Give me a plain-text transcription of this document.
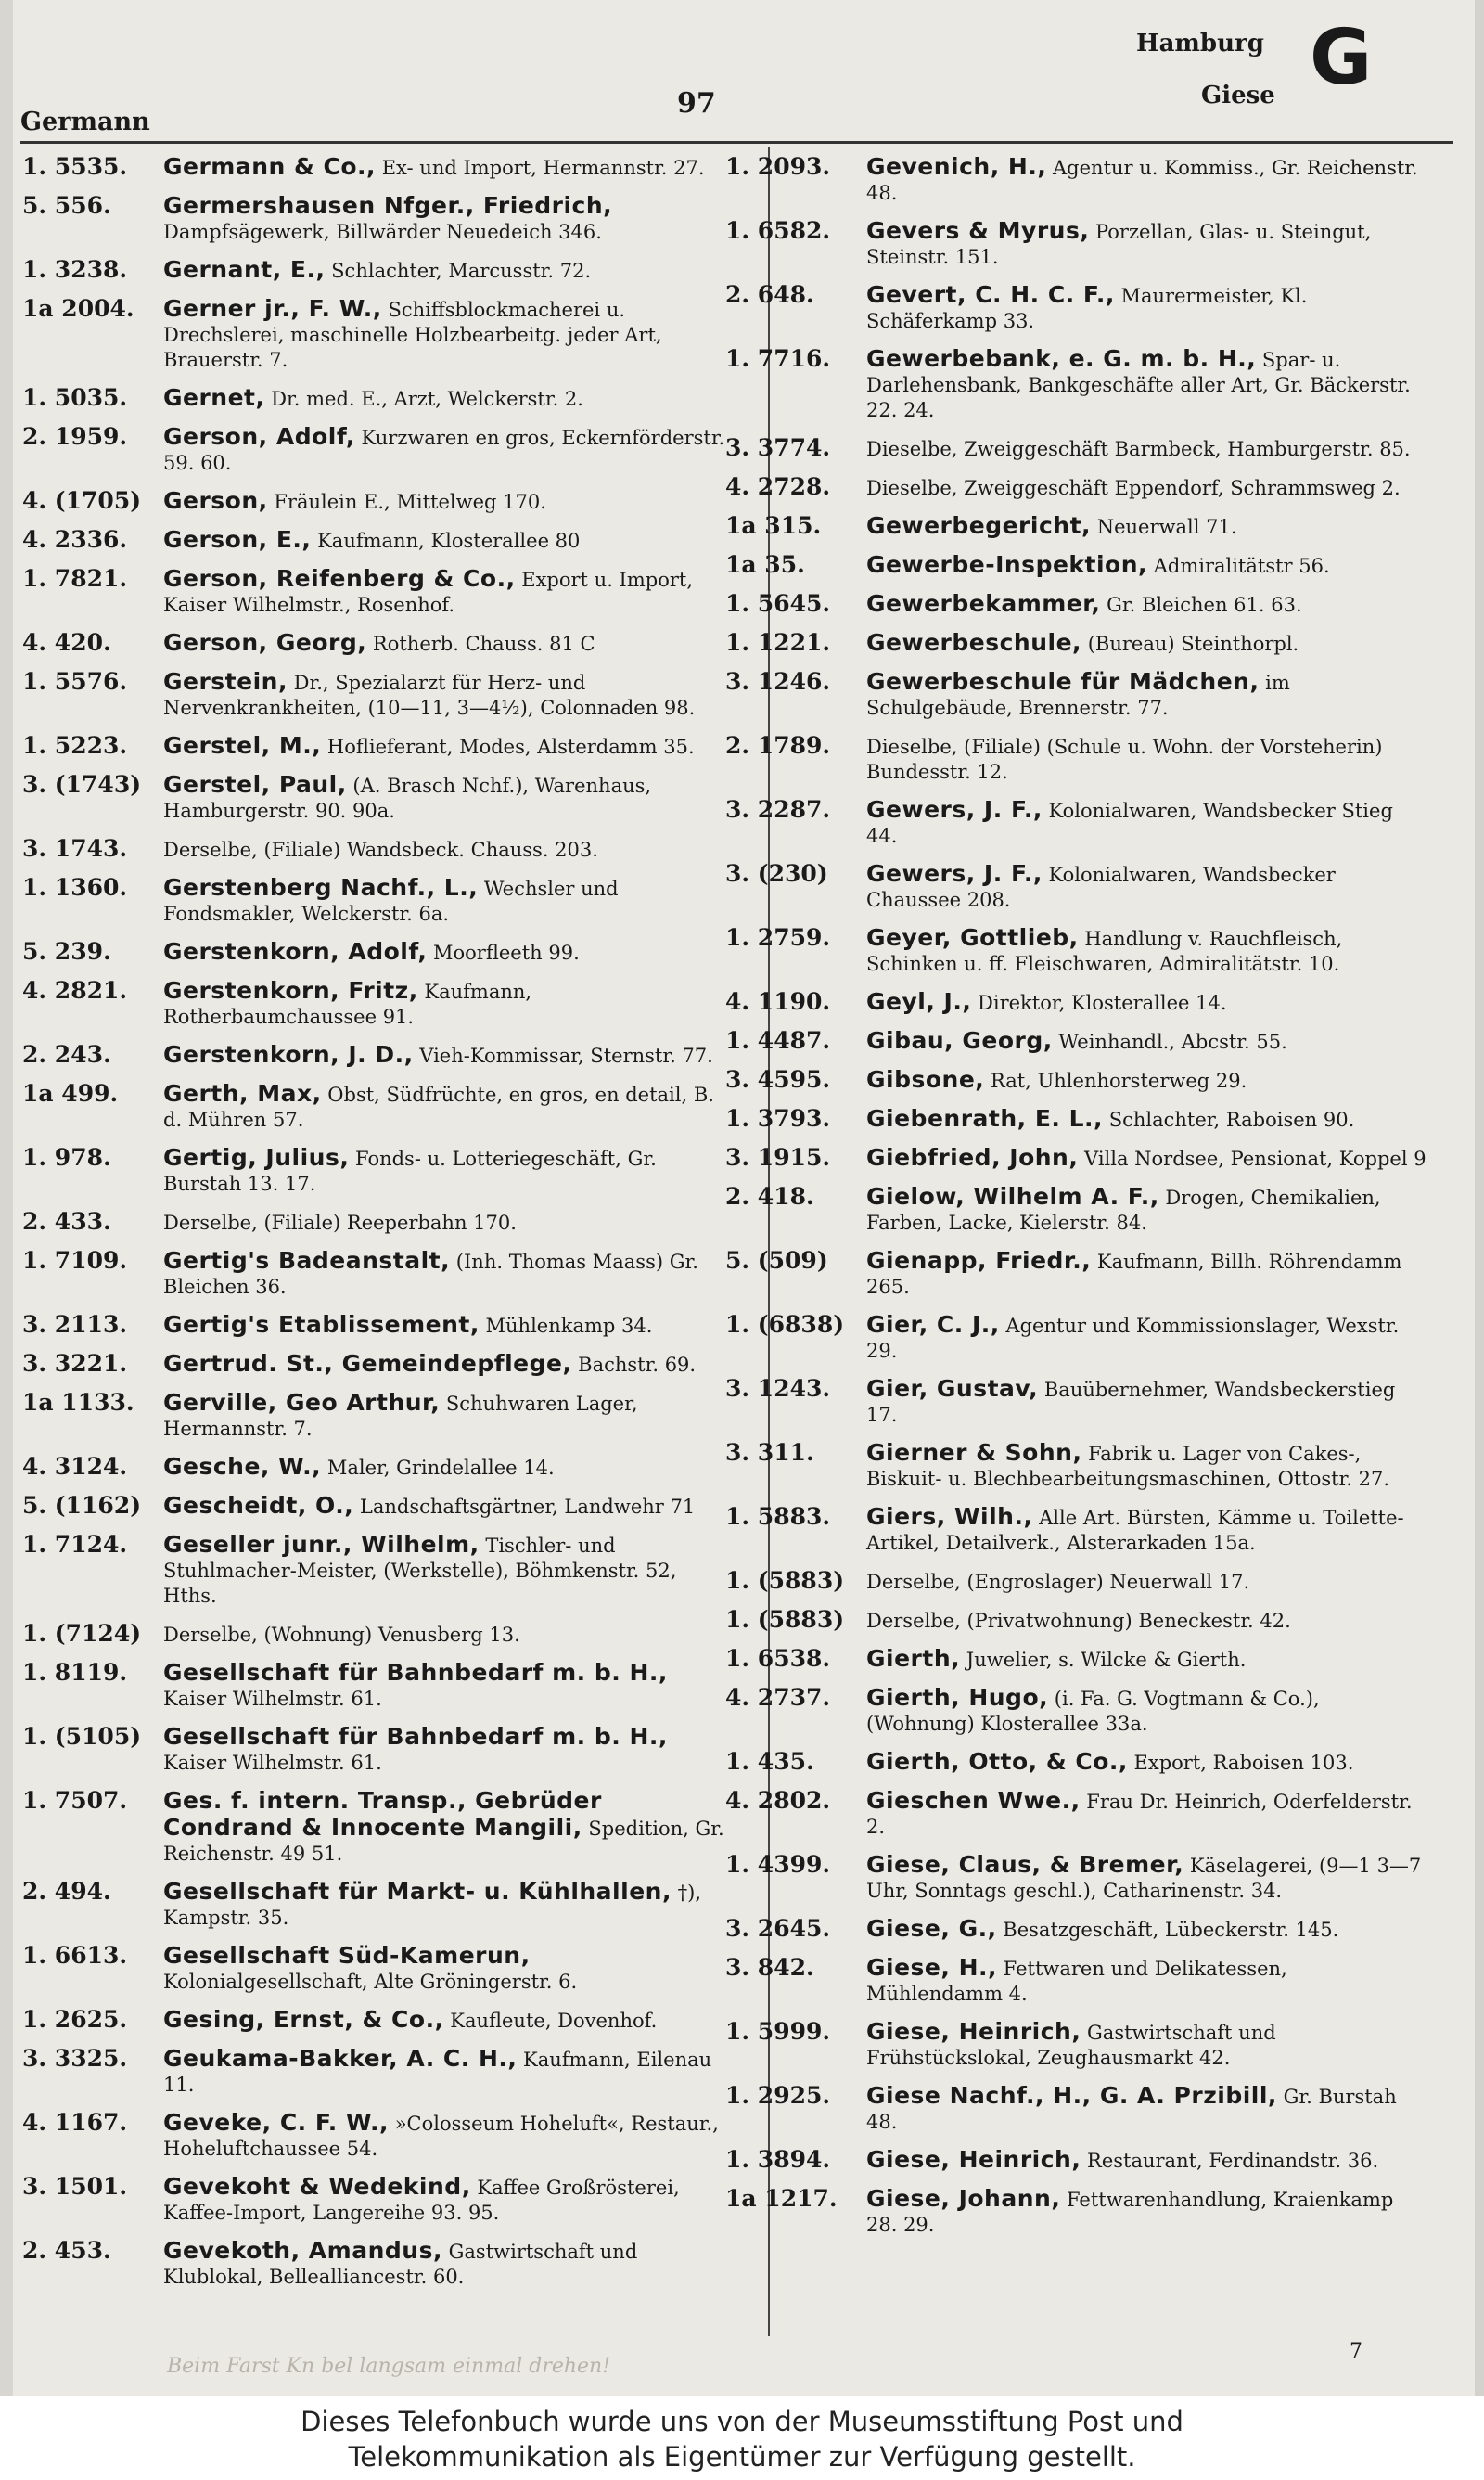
Germann
97
Hamburg
Giese G
1. 5535. Germann & Co., Ex- und Import, Hermannstr. 27.
5. 556. Germershausen Nfger., Friedrich, Dampfsägewerk, Billwärder Neuedeich 346.
1. 3238. Gernant, E., Schlachter, Marcusstr. 72.
1a 2004. Gerner jr., F. W., Schiffsblockmacherei u. Drechslerei, maschinelle Holzbearbeitg. jeder Art, Brauerstr. 7.
1. 5035. Gernet, Dr. med. E., Arzt, Welckerstr. 2.
2. 1959. Gerson, Adolf, Kurzwaren en gros, Eckernförderstr. 59. 60.
4. (1705) Gerson, Fräulein E., Mittelweg 170.
4. 2336. Gerson, E., Kaufmann, Klosterallee 80
1. 7821. Gerson, Reifenberg & Co., Export u. Import, Kaiser Wilhelmstr., Rosenhof.
4. 420. Gerson, Georg, Rotherb. Chauss. 81 C
1. 5576. Gerstein, Dr., Spezialarzt für Herz- und Nervenkrankheiten, (10—11, 3—4½), Colonnaden 98.
1. 5223. Gerstel, M., Hoflieferant, Modes, Alsterdamm 35.
3. (1743) Gerstel, Paul, (A. Brasch Nchf.), Warenhaus, Hamburgerstr. 90. 90a.
3. 1743. Derselbe, (Filiale) Wandsbeck. Chauss. 203.
1. 1360. Gerstenberg Nachf., L., Wechsler und Fondsmakler, Welckerstr. 6a.
5. 239. Gerstenkorn, Adolf, Moorfleeth 99.
4. 2821. Gerstenkorn, Fritz, Kaufmann, Rotherbaumchaussee 91.
2. 243. Gerstenkorn, J. D., Vieh-Kommissar, Sternstr. 77.
1a 499. Gerth, Max, Obst, Südfrüchte, en gros, en detail, B. d. Mühren 57.
1. 978. Gertig, Julius, Fonds- u. Lotteriegeschäft, Gr. Burstah 13. 17.
2. 433.	Derselbe, (Filiale) Reeperbahn 170.
1. 7109. Gertig's Badeanstalt, (Inh. Thomas Maass) Gr. Bleichen 36.
3. 2113. Gertig's Etablissement, Mühlenkamp 34.
3. 3221. Gertrud. St., Gemeindepflege, Bachstr. 69.
1a 1133. Gerville, Geo Arthur, Schuhwaren Lager, Hermannstr. 7.
4. 3124. Gesche, W., Maler, Grindelallee 14.
5. (1162) Gescheidt, O., Landschaftsgärtner, Landwehr 71
1. 7124. Geseller junr., Wilhelm, Tischler- und Stuhlmacher-Meister, (Werkstelle), Böhmkenstr. 52, Hths.
1. (7124) Derselbe, (Wohnung) Venusberg 13.
1. 8119. Gesellschaft für Bahnbedarf m. b. H., Kaiser Wilhelmstr. 61.
1. (5105) Gesellschaft für Bahnbedarf m. b. H., Kaiser Wilhelmstr. 61.
1. 7507. Ges. f. intern. Transp., Gebrüder Condrand & Innocente Mangili, Spedition, Gr. Reichenstr. 49 51.
2. 494. Gesellschaft für Markt- u. Kühlhallen, †), Kampstr. 35.
1. 6613. Gesellschaft Süd-Kamerun, Kolonialgesellschaft, Alte Gröningerstr. 6.
1. 2625. Gesing, Ernst, & Co., Kaufleute, Dovenhof.
3. 3325. Geukama-Bakker, A. C. H., Kaufmann, Eilenau 11.
4. 1167. Geveke, C. F. W., »Colosseum Hoheluft«, Restaur., Hoheluftchaussee 54.
3. 1501. Gevekoht & Wedekind, Kaffee Großrösterei, Kaffee-Import, Langereihe 93. 95.
2. 453. Gevekoth, Amandus, Gastwirtschaft und Klublokal, Bellealliancestr. 60.
1. 2093. Gevenich, H., Agentur u. Kommiss., Gr. Reichenstr. 48.
1. 6582. Gevers & Myrus, Porzellan, Glas- u. Steingut, Steinstr. 151.
2. 648. Gevert, C. H. C. F., Maurermeister, Kl. Schäferkamp 33.
1. 7716. Gewerbebank, e. G. m. b. H., Spar- u. Darlehensbank, Bankgeschäfte aller Art, Gr. Bäckerstr. 22. 24.
3. 3774. Dieselbe, Zweiggeschäft Barmbeck, Hamburgerstr. 85.
4. 2728. Dieselbe, Zweiggeschäft Eppendorf, Schrammsweg 2.
1a 315. Gewerbegericht, Neuerwall 71.
1a 35.	Gewerbe-Inspektion, Admiralitätstr 56.
1. 5645. Gewerbekammer, Gr. Bleichen 61. 63.
1. 1221. Gewerbeschule, (Bureau) Steinthorpl.
3. 1246. Gewerbeschule für Mädchen, im Schulgebäude, Brennerstr. 77.
2. 1789. Dieselbe, (Filiale) (Schule u. Wohn. der Vorsteherin) Bundesstr. 12.
3. 2287. Gewers, J. F., Kolonialwaren, Wandsbecker Stieg 44.
3. (230) Gewers, J. F., Kolonialwaren, Wandsbecker Chaussee 208.
1. 2759. Geyer, Gottlieb, Handlung v. Rauchfleisch, Schinken u. ff. Fleischwaren, Admiralitätstr. 10.
4. 1190. Geyl, J., Direktor, Klosterallee 14.
1. 4487. Gibau, Georg, Weinhandl., Abcstr. 55.
3. 4595. Gibsone, Rat, Uhlenhorsterweg 29.
1. 3793. Giebenrath, E. L., Schlachter, Raboisen 90.
3. 1915. Giebfried, John, Villa Nordsee, Pensionat, Koppel 9
2. 418. Gielow, Wilhelm A. F., Drogen, Chemikalien, Farben, Lacke, Kielerstr. 84.
5. (509) Gienapp, Friedr., Kaufmann, Billh. Röhrendamm 265.
1. (6838) Gier, C. J., Agentur und Kommissionslager, Wexstr. 29.
3. 1243. Gier, Gustav, Bauübernehmer, Wandsbeckerstieg 17.
3. 311. Gierner & Sohn, Fabrik u. Lager von Cakes-, Biskuit- u. Blechbearbeitungsmaschinen, Ottostr. 27.
1. 5883. Giers, Wilh., Alle Art. Bürsten, Kämme u. Toilette-Artikel, Detailverk., Alsterarkaden 15a.
1. (5883) Derselbe, (Engroslager) Neuerwall 17.
1. (5883) Derselbe, (Privatwohnung) Beneckestr. 42.
1. 6538. Gierth, Juwelier, s. Wilcke & Gierth.
4. 2737. Gierth, Hugo, (i. Fa. G. Vogtmann & Co.), (Wohnung) Klosterallee 33a.
1. 435. Gierth, Otto, & Co., Export, Raboisen 103.
4. 2802. Gieschen Wwe., Frau Dr. Heinrich, Oderfelderstr. 2.
1. 4399. Giese, Claus, & Bremer, Käselagerei, (9—1 3—7 Uhr, Sonntags geschl.), Catharinenstr. 34.
3. 2645. Giese, G., Besatzgeschäft, Lübeckerstr. 145.
3. 842. Giese, H., Fettwaren und Delikatessen, Mühlendamm 4.
1. 5999. Giese, Heinrich, Gastwirtschaft und Frühstückslokal, Zeughausmarkt 42.
1. 2925. Giese Nachf., H., G. A. Przibill, Gr. Burstah 48.
1. 3894. Giese, Heinrich, Restaurant, Ferdinandstr. 36.
1a 1217. Giese, Johann, Fettwarenhandlung, Kraienkamp 28. 29.
Beim Farst Kn bel langsam einmal drehen!
7
Dieses Telefonbuch wurde uns von der Museumsstiftung Post und
Telekommunikation als Eigentümer zur Verfügung gestellt.
